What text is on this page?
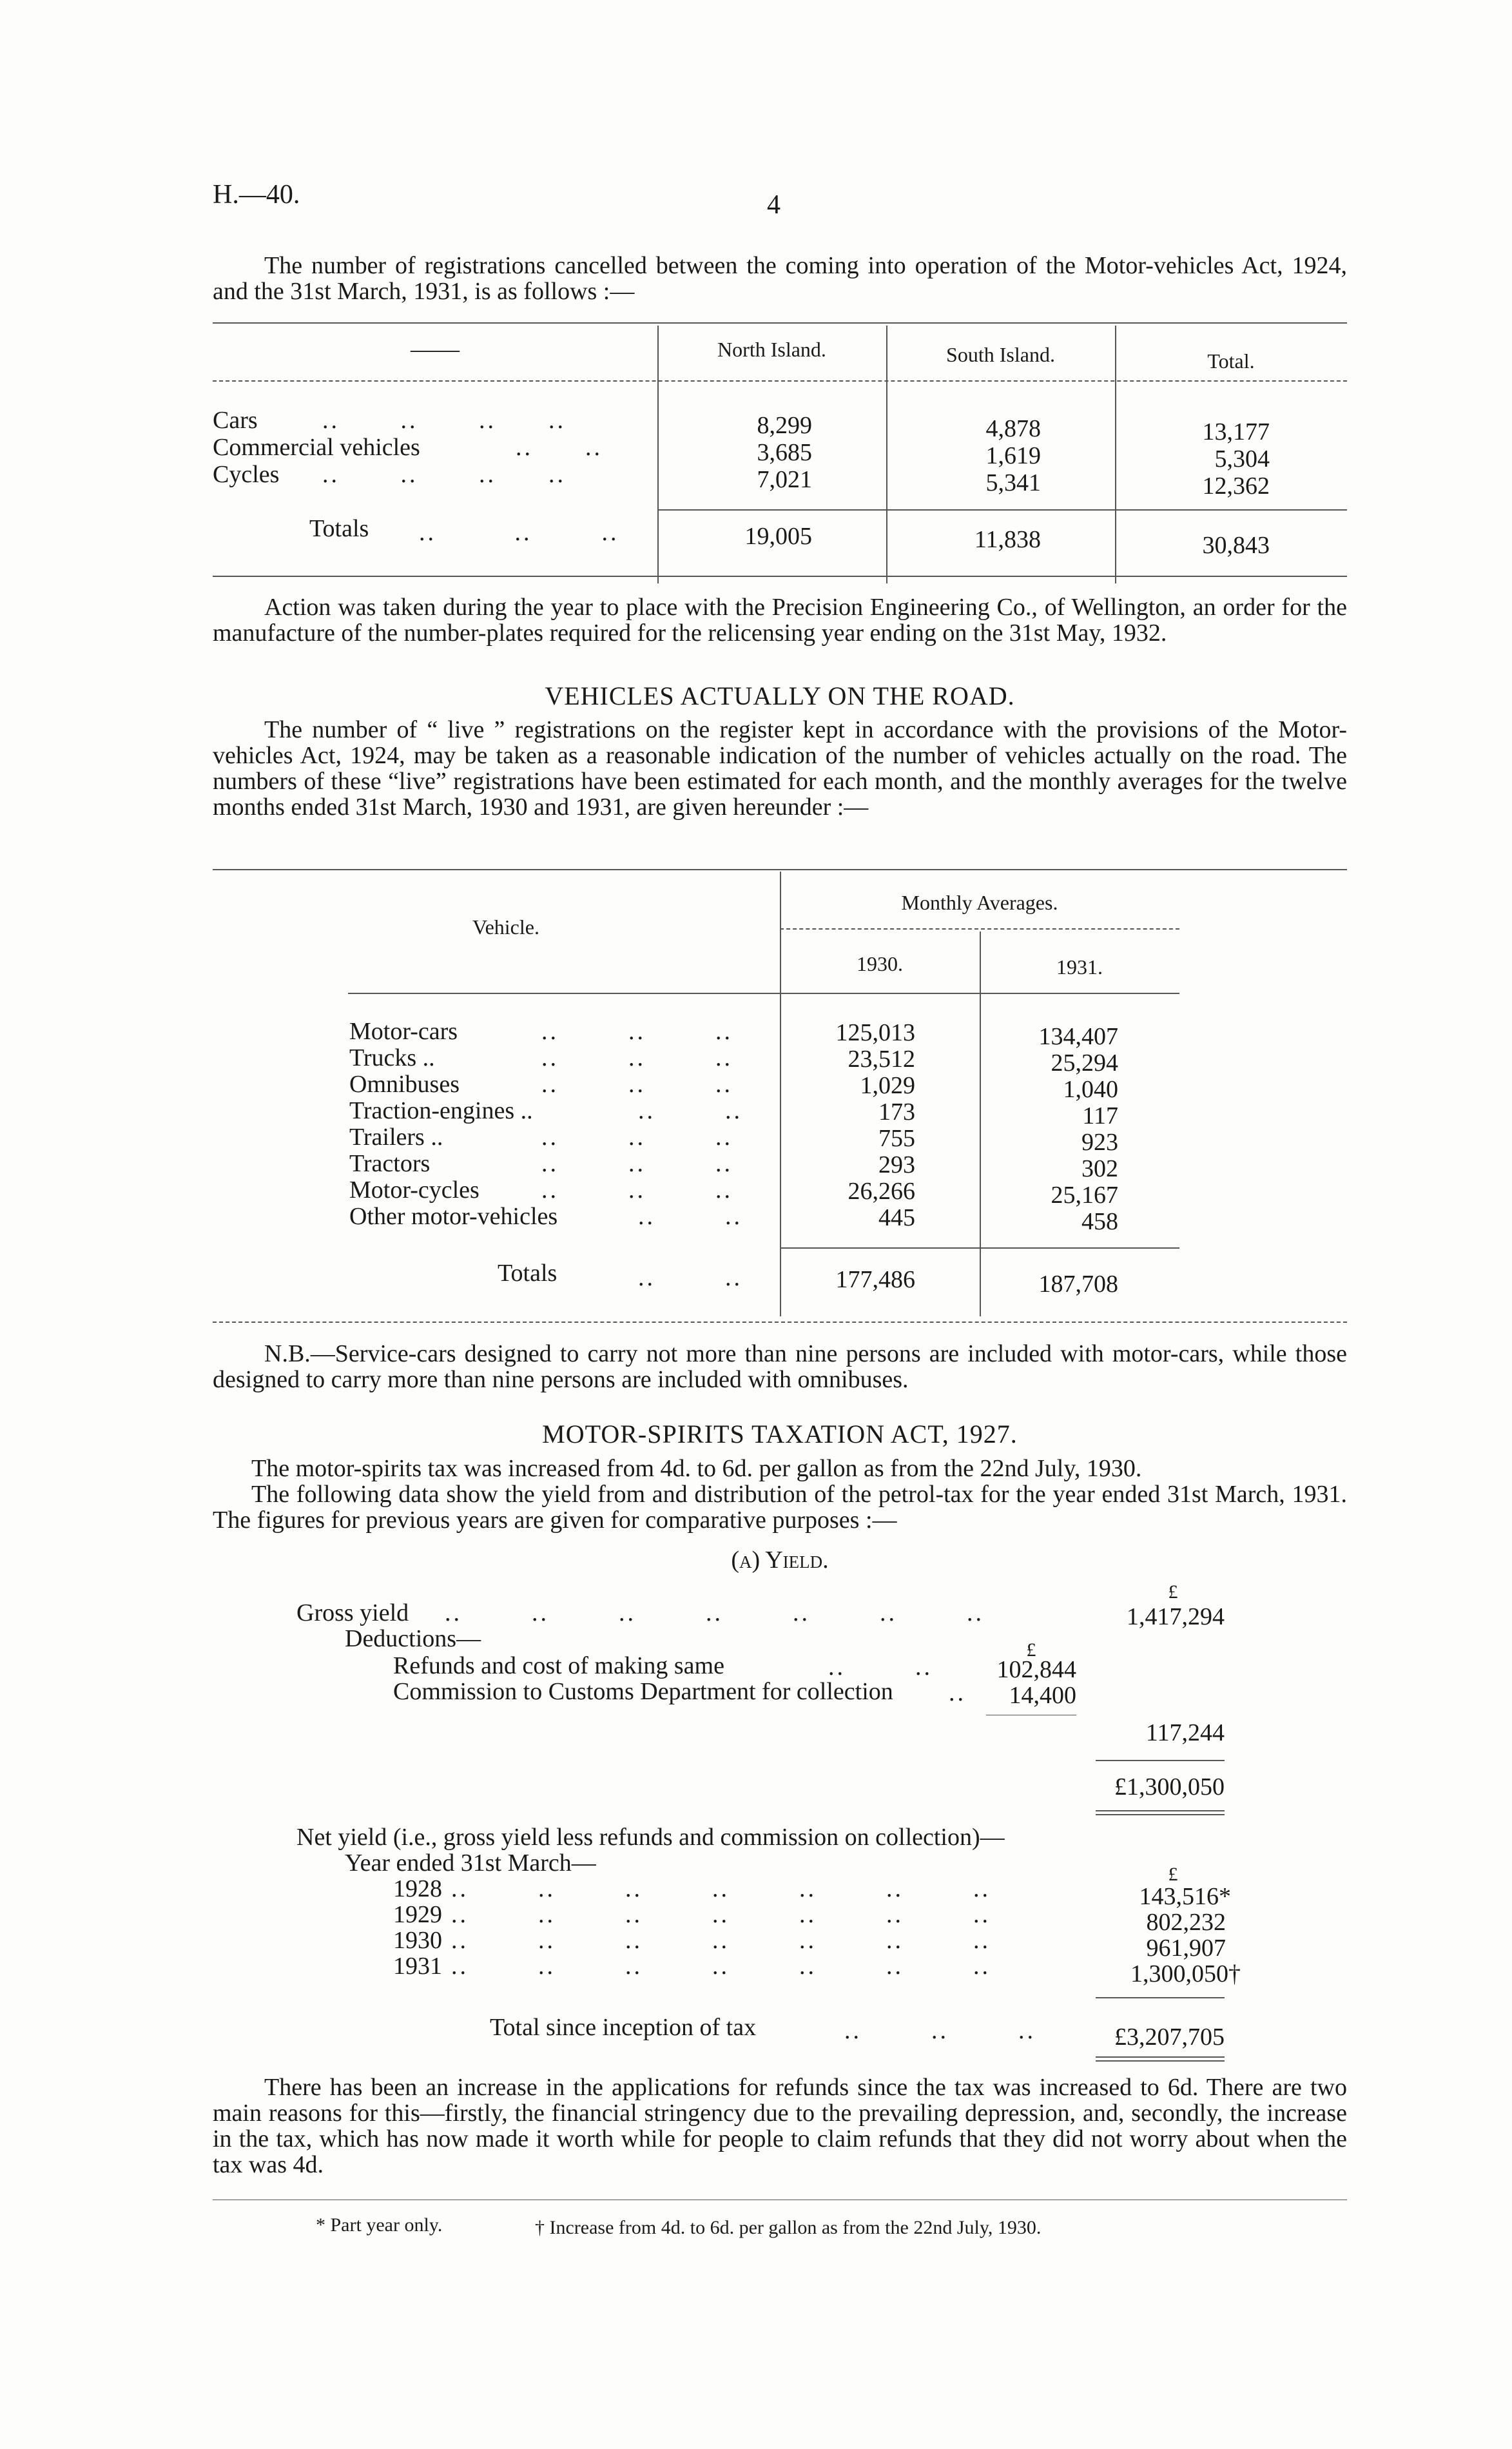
H.—40.	4
The number of registrations cancelled between the coming into operation of the Motor-vehicles Act, 1924, and the 31st March, 1931, is as follows :—
——	North Island.	South Island.	Total.
Cars	..       ..       ..      ..	8,299	4,878	13,177
Commercial vehicles	..      ..	3,685	1,619	5,304
Cycles ..       ..       ..      ..	7,021	5,341	12,362
Totals ..         ..        ..	19,005	11,838	30,843
Action was taken during the year to place with the Precision Engineering Co., of Wellington, an order for the manufacture of the number-plates required for the relicensing year ending on the 31st May, 1932.
VEHICLES ACTUALLY ON THE ROAD.
The number of “ live ” registrations on the register kept in accordance with the provisions of the Motor-vehicles Act, 1924, may be taken as a reasonable indication of the number of vehicles actually on the road. The numbers of these “live” registrations have been estimated for each month, and the monthly averages for the twelve months ended 31st March, 1930 and 1931, are given hereunder :—
Vehicle.
Monthly Averages.
1930.	1931.
Motor-cars	..        ..        ..	125,013	134,407
Trucks ..	..        ..        ..	23,512	25,294
Omnibuses	..        ..        ..	1,029	1,040
Traction-engines ..	..        ..	173	117
Trailers ..	..        ..        ..	755	923
Tractors	..        ..        ..	293	302
Motor-cycles	..        ..        ..	26,266	25,167
Other motor-vehicles	..        ..	445	458
Totals	..        ..	177,486	187,708
N.B.—Service-cars designed to carry not more than nine persons are included with motor-cars, while those designed to carry more than nine persons are included with omnibuses.
MOTOR-SPIRITS TAXATION ACT, 1927.
The motor-spirits tax was increased from 4d. to 6d. per gallon as from the 22nd July, 1930.
The following data show the yield from and distribution of the petrol-tax for the year ended 31st March, 1931. The figures for previous years are given for comparative purposes :—
(a) Yield.
£
Gross yield ..        ..        ..        ..        ..        ..        ..	1,417,294
Deductions—	£
Refunds and cost of making same	..        ..	102,844
Commission to Customs Department for collection ..	14,400
117,244
£1,300,050
Net yield (i.e., gross yield less refunds and commission on collection)—
Year ended 31st March—	£
1928 ..        ..        ..        ..        ..        ..        ..	143,516*
1929 ..        ..        ..        ..        ..        ..        ..	802,232
1930 ..        ..        ..        ..        ..        ..        ..	961,907
1931 ..        ..        ..        ..        ..        ..        ..	1,300,050†
Total since inception of tax	..        ..        ..	£3,207,705
There has been an increase in the applications for refunds since the tax was increased to 6d. There are two main reasons for this—firstly, the financial stringency due to the prevailing depression, and, secondly, the increase in the tax, which has now made it worth while for people to claim refunds that they did not worry about when the tax was 4d.
* Part year only.	† Increase from 4d. to 6d. per gallon as from the 22nd July, 1930.
